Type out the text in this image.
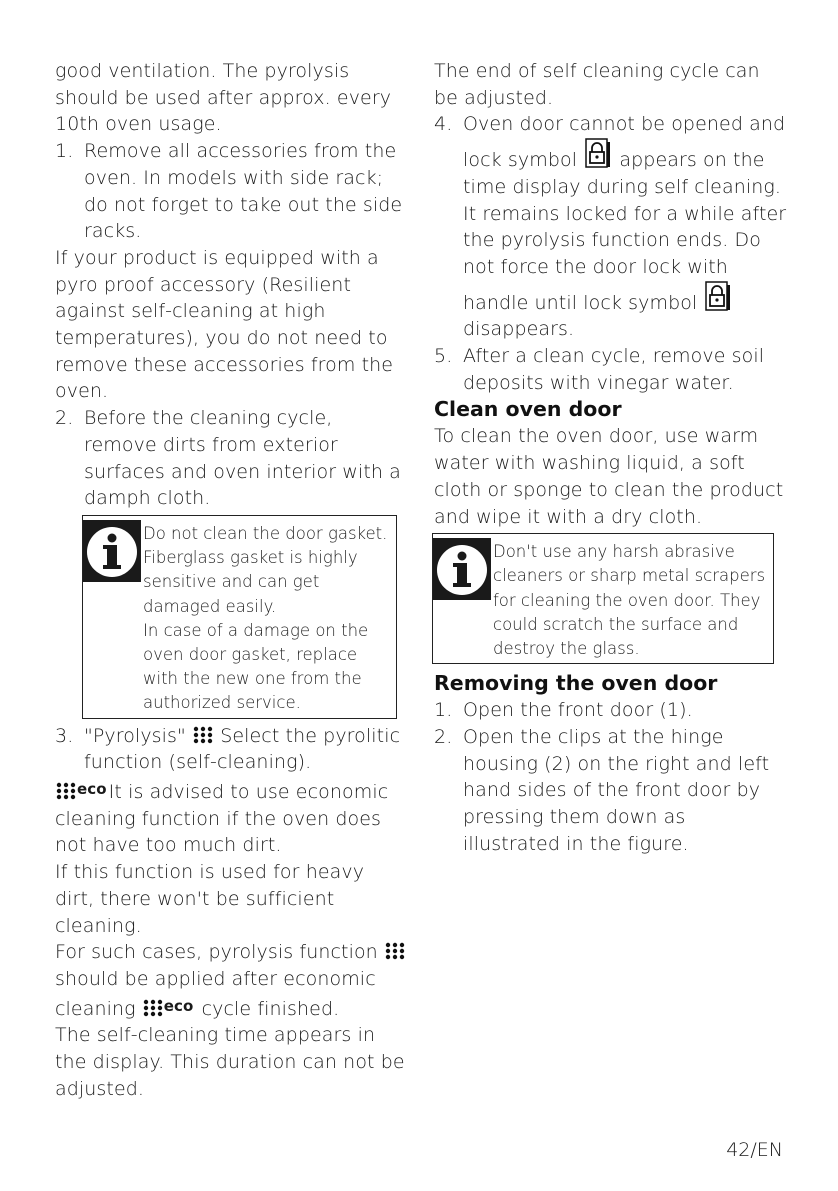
good ventilation. The pyrolysis should be used after approx. every 10th oven usage.

1. Remove all accessories from the oven. In models with side rack; do not forget to take out the side racks.

If your product is equipped with a pyro proof accessory (Resilient against self-cleaning at high temperatures), you do not need to remove these accessories from the oven.

2. Before the cleaning cycle, remove dirts from exterior surfaces and oven interior with a damph cloth.
Do not clean the door gasket.
Fiberglass gasket is highly sensitive and can get damaged easily.
In case of a damage on the oven door gasket, replace with the new one from the authorized service.
3. "Pyrolysis" Select the pyrolitic function (self-cleaning).

$^{eco}$ It is advised to use economic cleaning function if the oven does not have too much dirt.

If this function is used for heavy dirt, there won't be sufficient cleaning.

For such cases, pyrolysis function  should be applied after economic cleaning $^{eco}$ cycle finished.

The self-cleaning time appears in the display. This duration can not be adjusted.

The end of self cleaning cycle can be adjusted.

4. Oven door cannot be opened and lock symbol appears on the time display during self cleaning. It remains locked for a while after the pyrolysis function ends. Do not force the door lock with handle until lock symbol  disappears.
5. After a clean cycle, remove soil deposits with vinegar water.
Clean oven door

To clean the oven door, use warm water with washing liquid, a soft cloth or sponge to clean the product and wipe it with a dry cloth.

Don't use any harsh abrasive cleaners or sharp metal scrapers for cleaning the oven door. They could scratch the surface and destroy the glass.
Removing the oven door
1. Open the front door (1).
2. Open the clips at the hinge housing (2) on the right and left hand sides of the front door by pressing them down as illustrated in the figure.
42/EN
